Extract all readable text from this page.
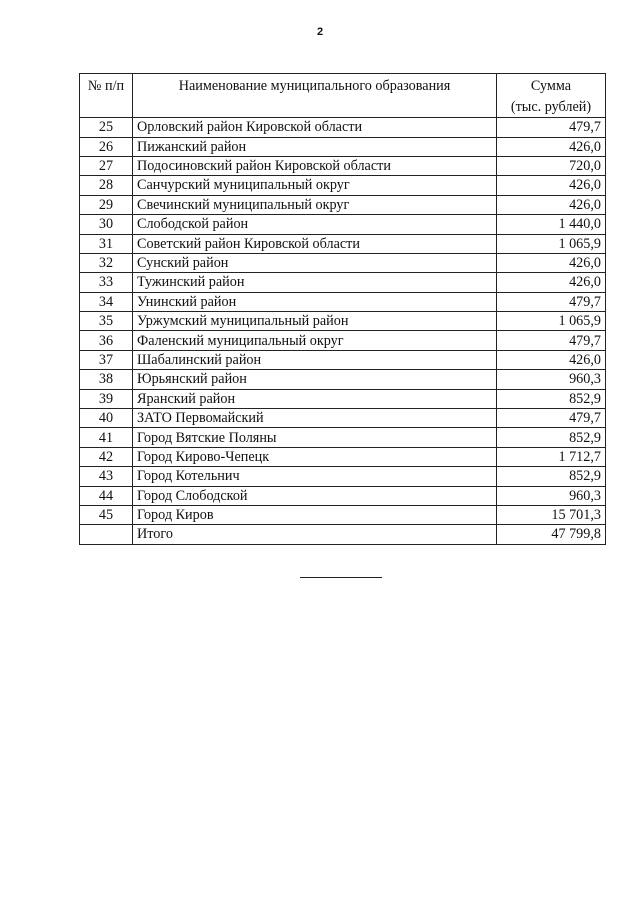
2
№ п/п	Наименование муниципального образования	Сумма
(тыс. рублей)
25	Орловский район Кировской области	479,7
26	Пижанский район	426,0
27	Подосиновский район Кировской области	720,0
28	Санчурский муниципальный округ	426,0
29	Свечинский муниципальный округ	426,0
30	Слободской район	1 440,0
31	Советский район Кировской области	1 065,9
32	Сунский район	426,0
33	Тужинский район	426,0
34	Унинский район	479,7
35	Уржумский муниципальный район	1 065,9
36	Фаленский муниципальный округ	479,7
37	Шабалинский район	426,0
38	Юрьянский район	960,3
39	Яранский район	852,9
40	ЗАТО Первомайский	479,7
41	Город Вятские Поляны	852,9
42	Город Кирово-Чепецк	1 712,7
43	Город Котельнич	852,9
44	Город Слободской	960,3
45	Город Киров	15 701,3
	Итого	47 799,8
